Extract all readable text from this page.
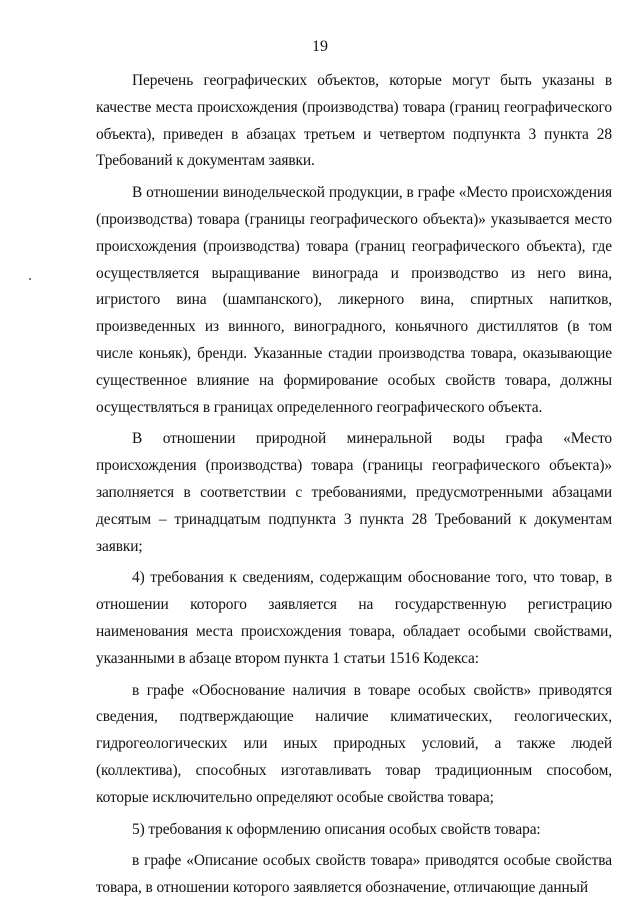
19

Перечень географических объектов, которые могут быть указаны в качестве места происхождения (производства) товара (границ географического объекта), приведен в абзацах третьем и четвертом подпункта 3 пункта 28 Требований к документам заявки.

В отношении винодельческой продукции, в графе «Место происхождения (производства) товара (границы географического объекта)» указывается место происхождения (производства) товара (границ географического объекта), где осуществляется выращивание винограда и производство из него вина, игристого вина (шампанского), ликерного вина, спиртных напитков, произведенных из винного, виноградного, коньячного дистиллятов (в том числе коньяк), бренди. Указанные стадии производства товара, оказывающие существенное влияние на формирование особых свойств товара, должны осуществляться в границах определенного географического объекта.

В отношении природной минеральной воды графа «Место происхождения (производства) товара (границы географического объекта)» заполняется в соответствии с требованиями, предусмотренными абзацами десятым – тринадцатым подпункта 3 пункта 28 Требований к документам заявки;

4) требования к сведениям, содержащим обоснование того, что товар, в отношении которого заявляется на государственную регистрацию наименования места происхождения товара, обладает особыми свойствами, указанными в абзаце втором пункта 1 статьи 1516 Кодекса:

в графе «Обоснование наличия в товаре особых свойств» приводятся сведения, подтверждающие наличие климатических, геологических, гидрогеологических или иных природных условий, а также людей (коллектива), способных изготавливать товар традиционным способом, которые исключительно определяют особые свойства товара;

5) требования к оформлению описания особых свойств товара:

в графе «Описание особых свойств товара» приводятся особые свойства товара, в отношении которого заявляется обозначение, отличающие данный
